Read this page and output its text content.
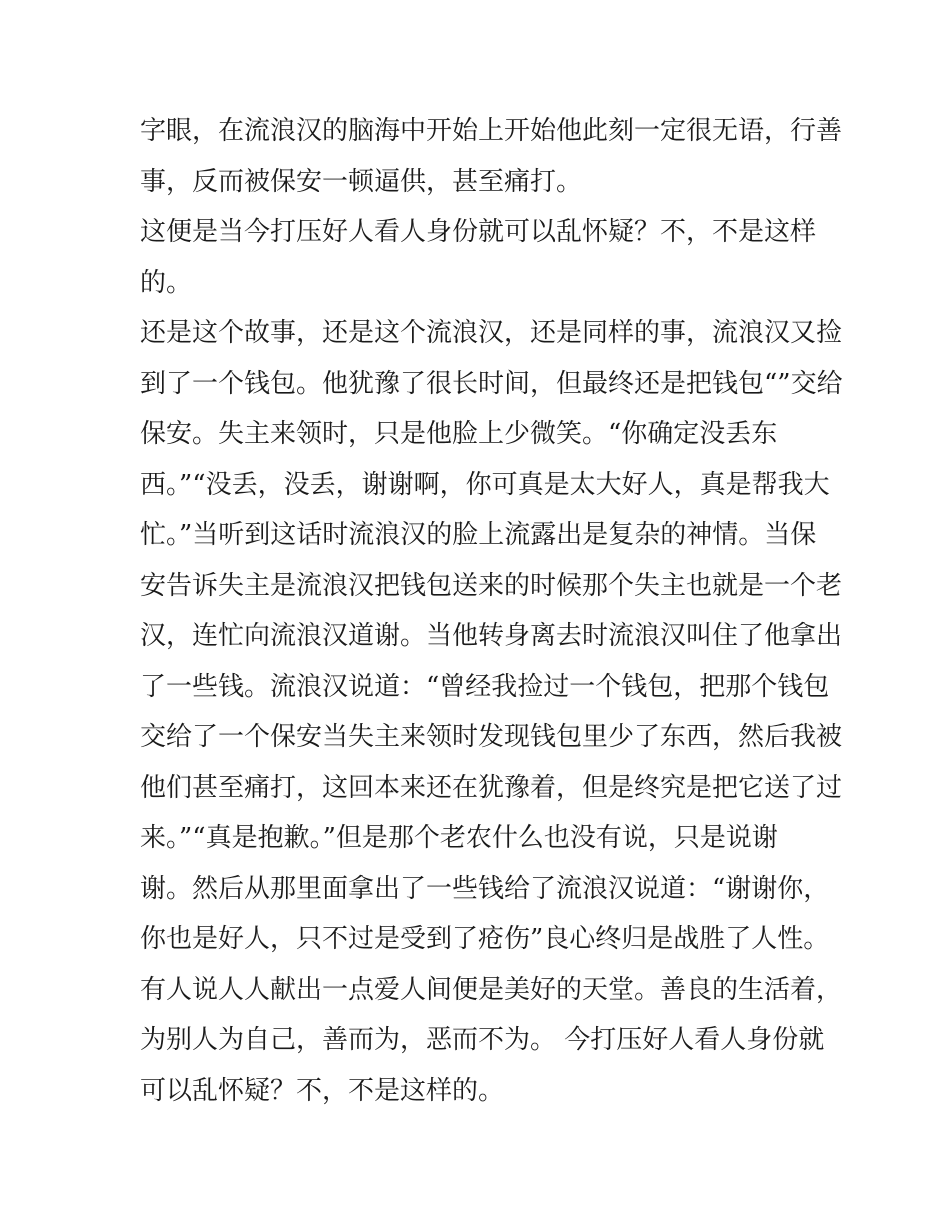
字眼，在流浪汉的脑海中开始上开始他此刻一定很无语，行善
事，反而被保安一顿逼供，甚至痛打。
这便是当今打压好人看人身份就可以乱怀疑？不，不是这样
的。
还是这个故事，还是这个流浪汉，还是同样的事，流浪汉又捡
到了一个钱包。他犹豫了很长时间，但最终还是把钱包“”交给
保安。失主来领时，只是他脸上少微笑。“你确定没丢东
西。”“没丢，没丢，谢谢啊，你可真是太大好人，真是帮我大
忙。”当听到这话时流浪汉的脸上流露出是复杂的神情。当保
安告诉失主是流浪汉把钱包送来的时候那个失主也就是一个老
汉，连忙向流浪汉道谢。当他转身离去时流浪汉叫住了他拿出
了一些钱。流浪汉说道：“曾经我捡过一个钱包，把那个钱包
交给了一个保安当失主来领时发现钱包里少了东西，然后我被
他们甚至痛打，这回本来还在犹豫着，但是终究是把它送了过
来。”“真是抱歉。”但是那个老农什么也没有说，只是说谢
谢。然后从那里面拿出了一些钱给了流浪汉说道：“谢谢你，
你也是好人，只不过是受到了疮伤”良心终归是战胜了人性。
有人说人人献出一点爱人间便是美好的天堂。善良的生活着，
为别人为自己，善而为，恶而不为。 今打压好人看人身份就
可以乱怀疑？不，不是这样的。
